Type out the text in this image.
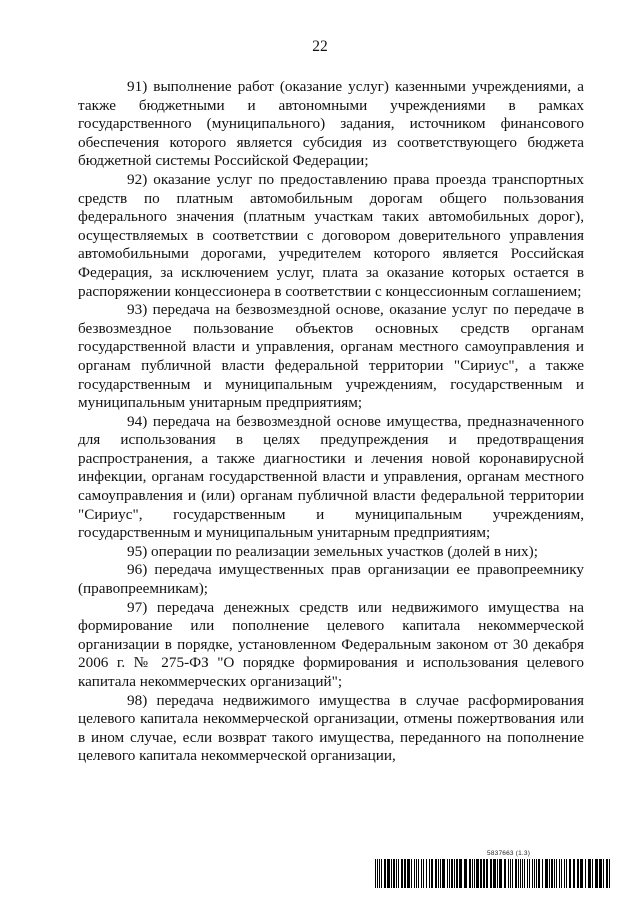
22

91) выполнение работ (оказание услуг) казенными учреждениями, а также бюджетными и автономными учреждениями в рамках государственного (муниципального) задания, источником финансового обеспечения которого является субсидия из соответствующего бюджета бюджетной системы Российской Федерации;

92) оказание услуг по предоставлению права проезда транспортных средств по платным автомобильным дорогам общего пользования федерального значения (платным участкам таких автомобильных дорог), осуществляемых в соответствии с договором доверительного управления автомобильными дорогами, учредителем которого является Российская Федерация, за исключением услуг, плата за оказание которых остается в распоряжении концессионера в соответствии с концессионным соглашением;

93) передача на безвозмездной основе, оказание услуг по передаче в безвозмездное пользование объектов основных средств органам государственной власти и управления, органам местного самоуправления и органам публичной власти федеральной территории "Сириус", а также государственным и муниципальным учреждениям, государственным и муниципальным унитарным предприятиям;

94) передача на безвозмездной основе имущества, предназначенного для использования в целях предупреждения и предотвращения распространения, а также диагностики и лечения новой коронавирусной инфекции, органам государственной власти и управления, органам местного самоуправления и (или) органам публичной власти федеральной территории "Сириус", государственным и муниципальным учреждениям, государственным и муниципальным унитарным предприятиям;

95) операции по реализации земельных участков (долей в них);

96) передача имущественных прав организации ее правопреемнику (правопреемникам);

97) передача денежных средств или недвижимого имущества на формирование или пополнение целевого капитала некоммерческой организации в порядке, установленном Федеральным законом от 30 декабря 2006 г. № 275-ФЗ "О порядке формирования и использования целевого капитала некоммерческих организаций";

98) передача недвижимого имущества в случае расформирования целевого капитала некоммерческой организации, отмены пожертвования или в ином случае, если возврат такого имущества, переданного на пополнение целевого капитала некоммерческой организации,

5837663 (1.3)
